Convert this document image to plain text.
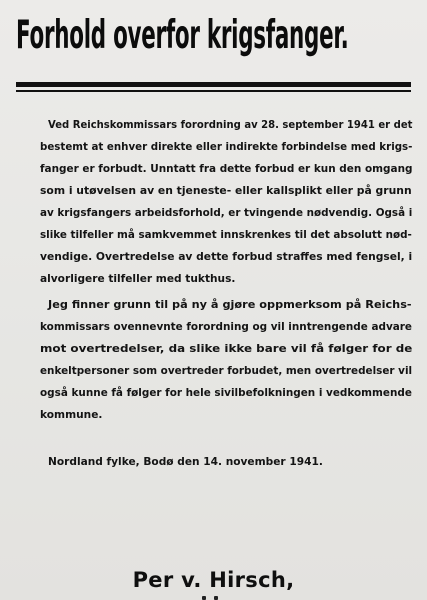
Forhold overfor krigsfanger.
Ved Reichskommissars forordning av 28. september 1941 er det
bestemt at enhver direkte eller indirekte forbindelse med krigs-
fanger er forbudt. Unntatt fra dette forbud er kun den omgang
som i utøvelsen av en tjeneste- eller kallsplikt eller på grunn
av krigsfangers arbeidsforhold, er tvingende nødvendig. Også i
slike tilfeller må samkvemmet innskrenkes til det absolutt nød-
vendige. Overtredelse av dette forbud straffes med fengsel, i
alvorligere tilfeller med tukthus.
Jeg finner grunn til på ny å gjøre oppmerksom på Reichs-
kommissars ovennevnte forordning og vil inntrengende advare
mot overtredelser, da slike ikke bare vil få følger for de
enkeltpersoner som overtreder forbudet, men overtredelser vil
også kunne få følger for hele sivilbefolkningen i vedkommende
kommune.
Nordland fylke, Bodø den 14. november 1941.
Per v. Hirsch,
